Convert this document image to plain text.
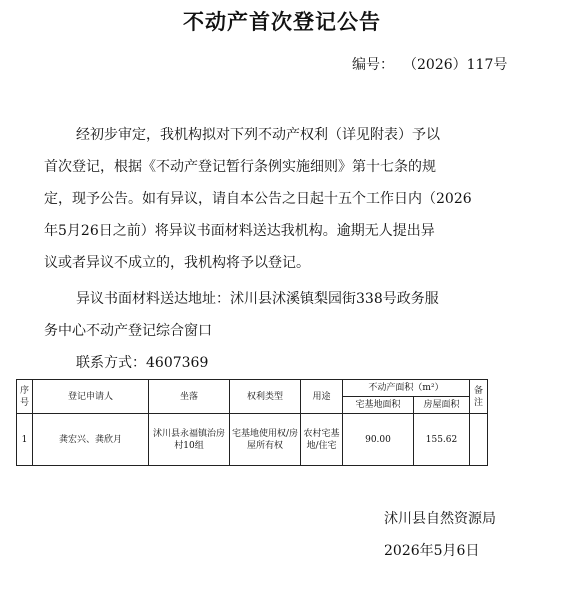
不动产首次登记公告
编号： （2026）117号
经初步审定，我机构拟对下列不动产权利（详见附表）予以
首次登记，根据《不动产登记暂行条例实施细则》第十七条的规
定，现予公告。如有异议，请自本公告之日起十五个工作日内（2026
年5月26日之前）将异议书面材料送达我机构。逾期无人提出异
议或者异议不成立的，我机构将予以登记。
异议书面材料送达地址：沭川县沭溪镇梨园街338号政务服
务中心不动产登记综合窗口
联系方式：4607369
序号	登记申请人	坐落	权利类型	用途	不动产面积（m²）		备注
					宅基地面积	房屋面积	
1	龚宏兴、龚欣月	沭川县永福镇治房村10组	宅基地使用权/房屋所有权	农村宅基地/住宅	90.00	155.62	
沭川县自然资源局
2026年5月6日
